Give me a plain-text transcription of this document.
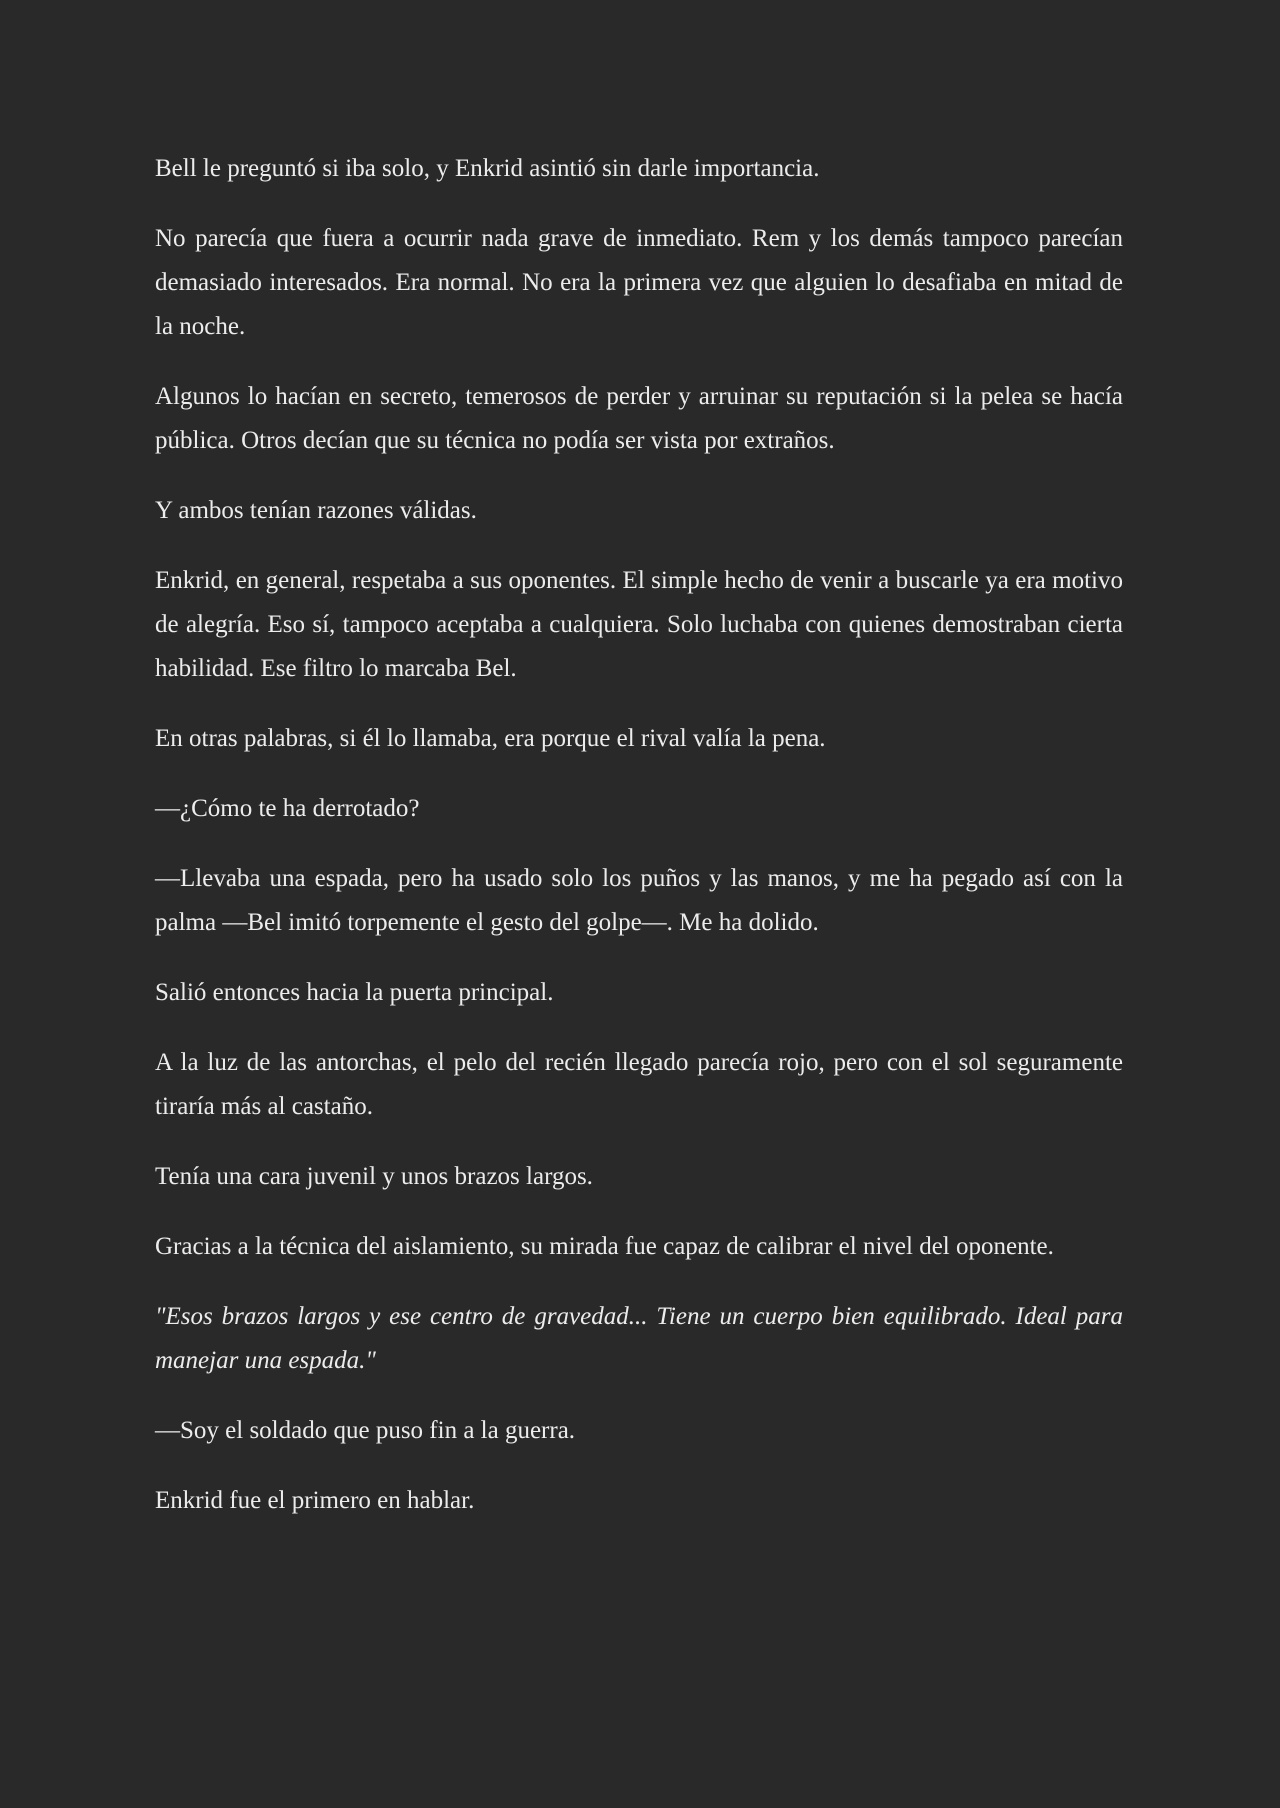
Bell le preguntó si iba solo, y Enkrid asintió sin darle importancia.

No parecía que fuera a ocurrir nada grave de inmediato. Rem y los demás tampoco parecían demasiado interesados. Era normal. No era la primera vez que alguien lo desafiaba en mitad de la noche.

Algunos lo hacían en secreto, temerosos de perder y arruinar su reputación si la pelea se hacía pública. Otros decían que su técnica no podía ser vista por extraños.

Y ambos tenían razones válidas.

Enkrid, en general, respetaba a sus oponentes. El simple hecho de venir a buscarle ya era motivo de alegría. Eso sí, tampoco aceptaba a cualquiera. Solo luchaba con quienes demostraban cierta habilidad. Ese filtro lo marcaba Bel.

En otras palabras, si él lo llamaba, era porque el rival valía la pena.

—¿Cómo te ha derrotado?

—Llevaba una espada, pero ha usado solo los puños y las manos, y me ha pegado así con la palma —Bel imitó torpemente el gesto del golpe—. Me ha dolido.

Salió entonces hacia la puerta principal.

A la luz de las antorchas, el pelo del recién llegado parecía rojo, pero con el sol seguramente tiraría más al castaño.

Tenía una cara juvenil y unos brazos largos.

Gracias a la técnica del aislamiento, su mirada fue capaz de calibrar el nivel del oponente.

"Esos brazos largos y ese centro de gravedad... Tiene un cuerpo bien equilibrado. Ideal para manejar una espada."

—Soy el soldado que puso fin a la guerra.

Enkrid fue el primero en hablar.
